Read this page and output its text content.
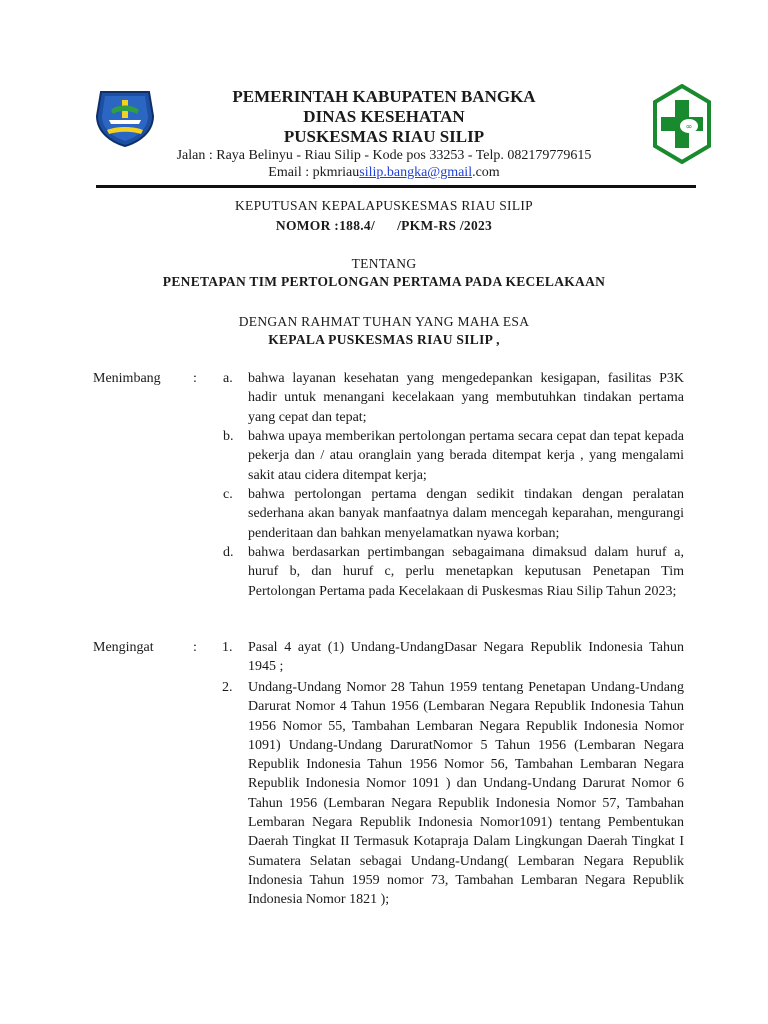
∞
PEMERINTAH KABUPATEN BANGKA
DINAS KESEHATAN
PUSKESMAS RIAU SILIP
Jalan : Raya Belinyu - Riau Silip - Kode pos 33253 - Telp. 082179779615
Email : pkmriausilip.bangka@gmail.com
KEPUTUSAN KEPALAPUSKESMAS RIAU SILIP
NOMOR :188.4/      /PKM-RS /2023
TENTANG
PENETAPAN TIM PERTOLONGAN PERTAMA PADA KECELAKAAN
DENGAN RAHMAT TUHAN YANG MAHA ESA
KEPALA PUSKESMAS RIAU SILIP ,
Menimbang : a. bahwa layanan kesehatan yang mengedepankan kesigapan, fasilitas P3K hadir untuk menangani kecelakaan yang membutuhkan tindakan pertama yang cepat dan tepat;
b. bahwa upaya memberikan pertolongan pertama secara cepat dan tepat kepada pekerja dan / atau oranglain yang berada ditempat kerja , yang mengalami sakit atau cidera ditempat kerja;
c. bahwa pertolongan pertama dengan sedikit tindakan dengan peralatan sederhana akan banyak manfaatnya dalam mencegah keparahan, mengurangi penderitaan dan bahkan menyelamatkan nyawa korban;
d. bahwa berdasarkan pertimbangan sebagaimana dimaksud dalam huruf a, huruf b, dan huruf c, perlu menetapkan keputusan Penetapan Tim Pertolongan Pertama pada Kecelakaan di Puskesmas Riau Silip Tahun 2023;
Mengingat	: 1. Pasal 4 ayat (1) Undang-UndangDasar Negara Republik Indonesia Tahun 1945 ;
2. Undang-Undang Nomor 28 Tahun 1959 tentang Penetapan Undang-Undang Darurat Nomor 4 Tahun 1956 (Lembaran Negara Republik Indonesia Tahun 1956 Nomor 55, Tambahan Lembaran Negara Republik Indonesia Nomor 1091) Undang-Undang DaruratNomor 5 Tahun 1956 (Lembaran Negara Republik Indonesia Tahun 1956 Nomor 56, Tambahan Lembaran Negara Republik Indonesia Nomor 1091 ) dan Undang-Undang Darurat Nomor 6 Tahun 1956 (Lembaran Negara Republik Indonesia Nomor 57, Tambahan Lembaran Negara Republik Indonesia Nomor1091) tentang Pembentukan Daerah Tingkat II Termasuk Kotapraja Dalam Lingkungan Daerah Tingkat I Sumatera Selatan sebagai Undang-Undang( Lembaran Negara Republik Indonesia Tahun 1959 nomor 73, Tambahan Lembaran Negara Republik Indonesia Nomor 1821 );
